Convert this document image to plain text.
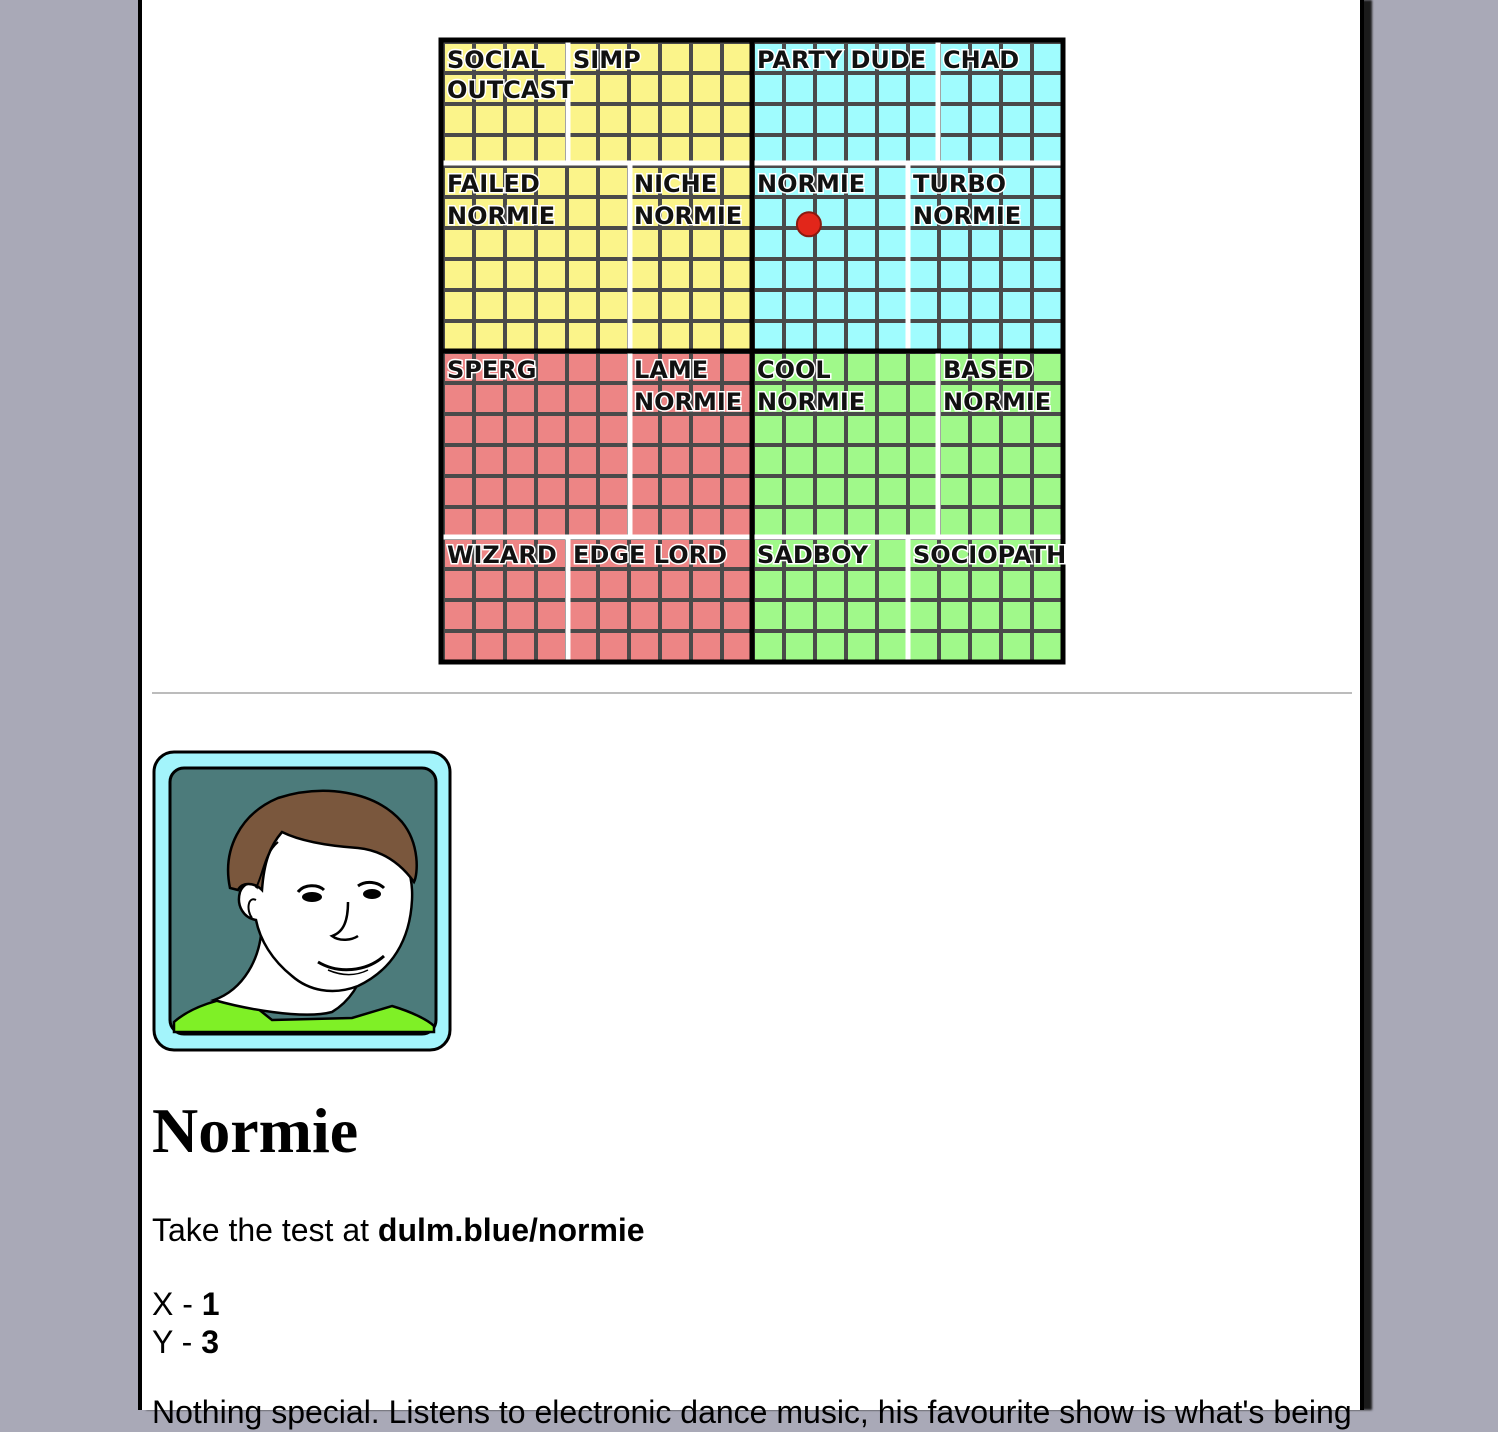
SOCIAL
OUTCAST
SIMP	PARTY DUDE CHAD
FAILED
NORMIE
NICHE
NORMIE
NORMIE TURBO
NORMIE
SPERG	LAME
NORMIE
COOL
NORMIE
BASED
NORMIE
WIZARD EDGE LORD SADBOY SOCIOPATH
Normie

Take the test at dulm.blue/normie

X - 1
Y - 3

Nothing special. Listens to electronic dance music, his favourite show is what's being
